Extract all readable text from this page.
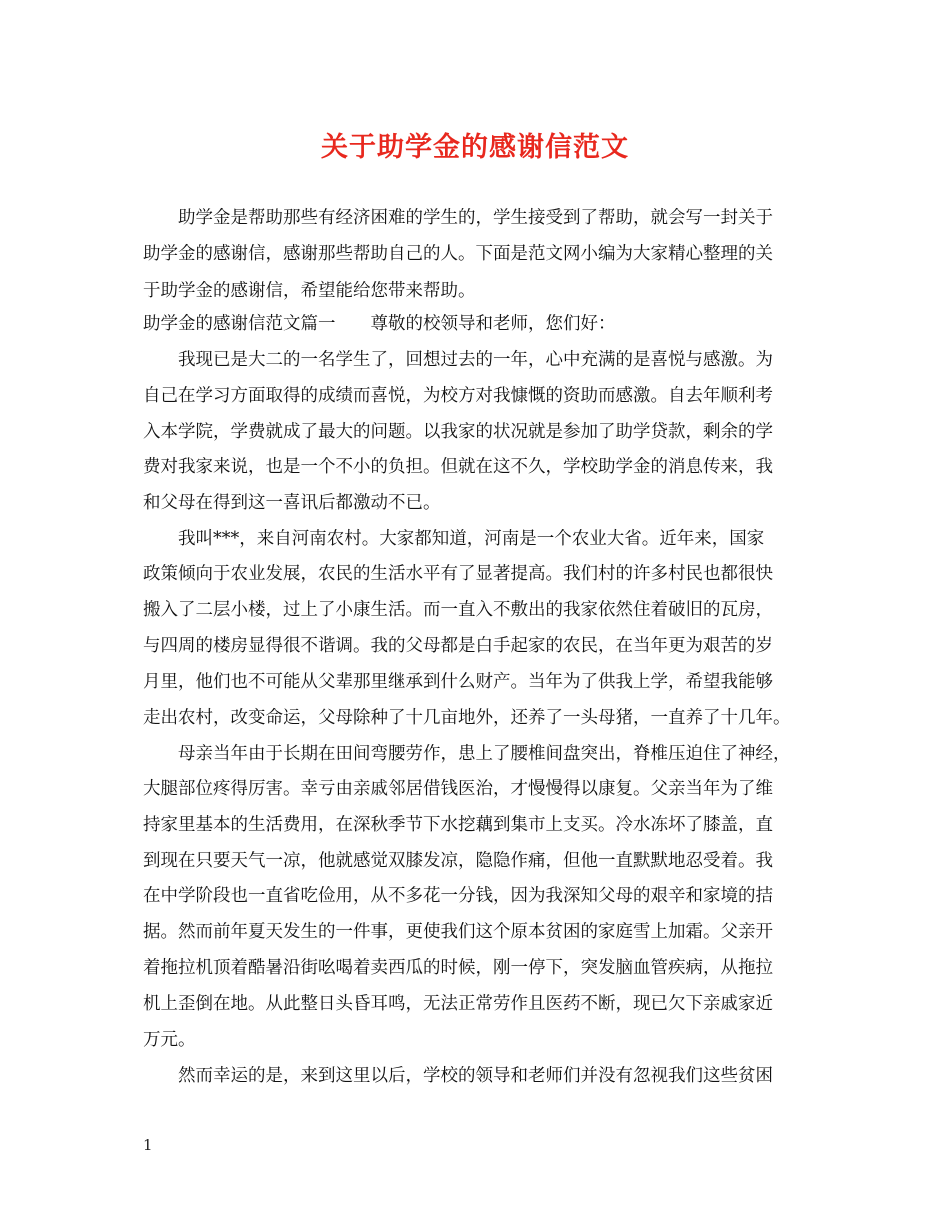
关于助学金的感谢信范文
助学金是帮助那些有经济困难的学生的，学生接受到了帮助，就会写一封关于
助学金的感谢信，感谢那些帮助自己的人。下面是范文网小编为大家精心整理的关
于助学金的感谢信，希望能给您带来帮助。
助学金的感谢信范文篇一　　尊敬的校领导和老师，您们好：
我现已是大二的一名学生了，回想过去的一年，心中充满的是喜悦与感激。为
自己在学习方面取得的成绩而喜悦，为校方对我慷慨的资助而感激。自去年顺利考
入本学院，学费就成了最大的问题。以我家的状况就是参加了助学贷款，剩余的学
费对我家来说，也是一个不小的负担。但就在这不久，学校助学金的消息传来，我
和父母在得到这一喜讯后都激动不已。
我叫***，来自河南农村。大家都知道，河南是一个农业大省。近年来，国家
政策倾向于农业发展，农民的生活水平有了显著提高。我们村的许多村民也都很快
搬入了二层小楼，过上了小康生活。而一直入不敷出的我家依然住着破旧的瓦房，
与四周的楼房显得很不谐调。我的父母都是白手起家的农民，在当年更为艰苦的岁
月里，他们也不可能从父辈那里继承到什么财产。当年为了供我上学，希望我能够
走出农村，改变命运，父母除种了十几亩地外，还养了一头母猪，一直养了十几年。
母亲当年由于长期在田间弯腰劳作，患上了腰椎间盘突出，脊椎压迫住了神经，
大腿部位疼得厉害。幸亏由亲戚邻居借钱医治，才慢慢得以康复。父亲当年为了维
持家里基本的生活费用，在深秋季节下水挖藕到集市上支买。冷水冻坏了膝盖，直
到现在只要天气一凉，他就感觉双膝发凉，隐隐作痛，但他一直默默地忍受着。我
在中学阶段也一直省吃俭用，从不多花一分钱，因为我深知父母的艰辛和家境的拮
据。然而前年夏天发生的一件事，更使我们这个原本贫困的家庭雪上加霜。父亲开
着拖拉机顶着酷暑沿街吆喝着卖西瓜的时候，刚一停下，突发脑血管疾病，从拖拉
机上歪倒在地。从此整日头昏耳鸣，无法正常劳作且医药不断，现已欠下亲戚家近
万元。
然而幸运的是，来到这里以后，学校的领导和老师们并没有忽视我们这些贫困
1
